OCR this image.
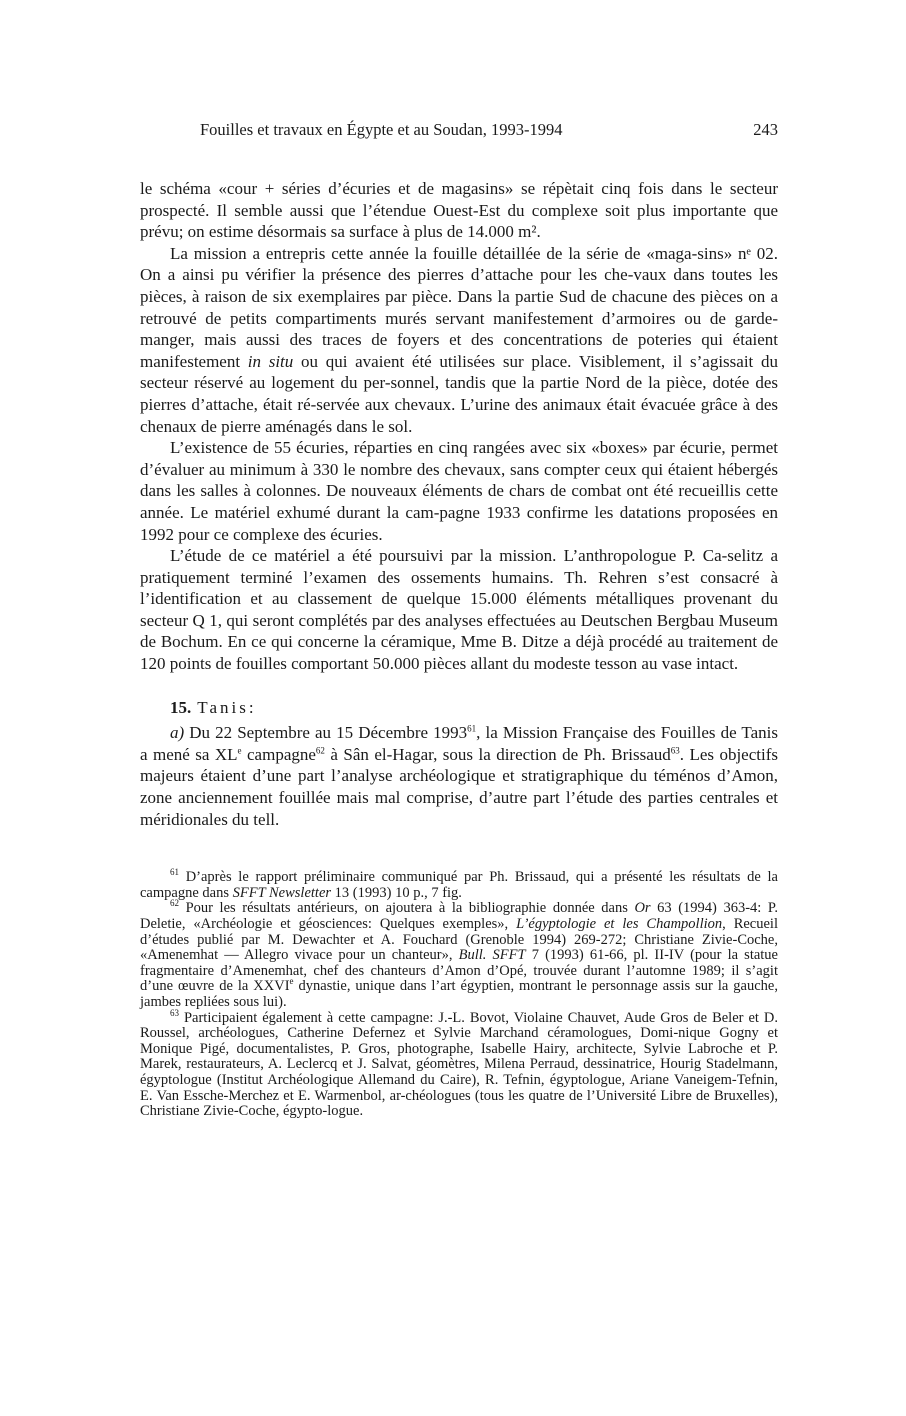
Fouilles et travaux en Égypte et au Soudan, 1993-1994	243

le schéma «cour + séries d’écuries et de magasins» se répètait cinq fois dans le secteur prospecté. Il semble aussi que l’étendue Ouest-Est du complexe soit plus importante que prévu; on estime désormais sa surface à plus de 14.000 m².

La mission a entrepris cette année la fouille détaillée de la série de «maga-sins» nᵉ 02. On a ainsi pu vérifier la présence des pierres d’attache pour les che-vaux dans toutes les pièces, à raison de six exemplaires par pièce. Dans la partie Sud de chacune des pièces on a retrouvé de petits compartiments murés servant manifestement d’armoires ou de garde-manger, mais aussi des traces de foyers et des concentrations de poteries qui étaient manifestement in situ ou qui avaient été utilisées sur place. Visiblement, il s’agissait du secteur réservé au logement du per-sonnel, tandis que la partie Nord de la pièce, dotée des pierres d’attache, était ré-servée aux chevaux. L’urine des animaux était évacuée grâce à des chenaux de pierre aménagés dans le sol.

L’existence de 55 écuries, réparties en cinq rangées avec six «boxes» par écurie, permet d’évaluer au minimum à 330 le nombre des chevaux, sans compter ceux qui étaient hébergés dans les salles à colonnes. De nouveaux éléments de chars de combat ont été recueillis cette année. Le matériel exhumé durant la cam-pagne 1933 confirme les datations proposées en 1992 pour ce complexe des écuries.

L’étude de ce matériel a été poursuivi par la mission. L’anthropologue P. Ca-selitz a pratiquement terminé l’examen des ossements humains. Th. Rehren s’est consacré à l’identification et au classement de quelque 15.000 éléments métalliques provenant du secteur Q 1, qui seront complétés par des analyses effectuées au Deutschen Bergbau Museum de Bochum. En ce qui concerne la céramique, Mme B. Ditze a déjà procédé au traitement de 120 points de fouilles comportant 50.000 pièces allant du modeste tesson au vase intact.

15. Tanis:

a) Du 22 Septembre au 15 Décembre 1993$^{61}$, la Mission Française des Fouilles de Tanis a mené sa XLe campagne$^{62}$ à Sân el-Hagar, sous la direction de Ph. Brissaud$^{63}$. Les objectifs majeurs étaient d’une part l’analyse archéologique et stratigraphique du téménos d’Amon, zone anciennement fouillée mais mal comprise, d’autre part l’étude des parties centrales et méridionales du tell.

$^{61}$ D’après le rapport préliminaire communiqué par Ph. Brissaud, qui a présenté les résultats de la campagne dans SFFT Newsletter 13 (1993) 10 p., 7 fig.

$^{62}$ Pour les résultats antérieurs, on ajoutera à la bibliographie donnée dans Or 63 (1994) 363-4: P. Deletie, «Archéologie et géosciences: Quelques exemples», L’égyptologie et les Champollion, Recueil d’études publié par M. Dewachter et A. Fouchard (Grenoble 1994) 269-272; Christiane Zivie-Coche, «Amenemhat — Allegro vivace pour un chanteur», Bull. SFFT 7 (1993) 61-66, pl. II-IV (pour la statue fragmentaire d’Amenemhat, chef des chanteurs d’Amon d’Opé, trouvée durant l’automne 1989; il s’agit d’une œuvre de la XXVIe dynastie, unique dans l’art égyptien, montrant le personnage assis sur la gauche, jambes repliées sous lui).

$^{63}$ Participaient également à cette campagne: J.-L. Bovot, Violaine Chauvet, Aude Gros de Beler et D. Roussel, archéologues, Catherine Defernez et Sylvie Marchand céramologues, Domi-nique Gogny et Monique Pigé, documentalistes, P. Gros, photographe, Isabelle Hairy, architecte, Sylvie Labroche et P. Marek, restaurateurs, A. Leclercq et J. Salvat, géomètres, Milena Perraud, dessinatrice, Hourig Stadelmann, égyptologue (Institut Archéologique Allemand du Caire), R. Tefnin, égyptologue, Ariane Vaneigem-Tefnin, E. Van Essche-Merchez et E. Warmenbol, ar-chéologues (tous les quatre de l’Université Libre de Bruxelles), Christiane Zivie-Coche, égypto-logue.
